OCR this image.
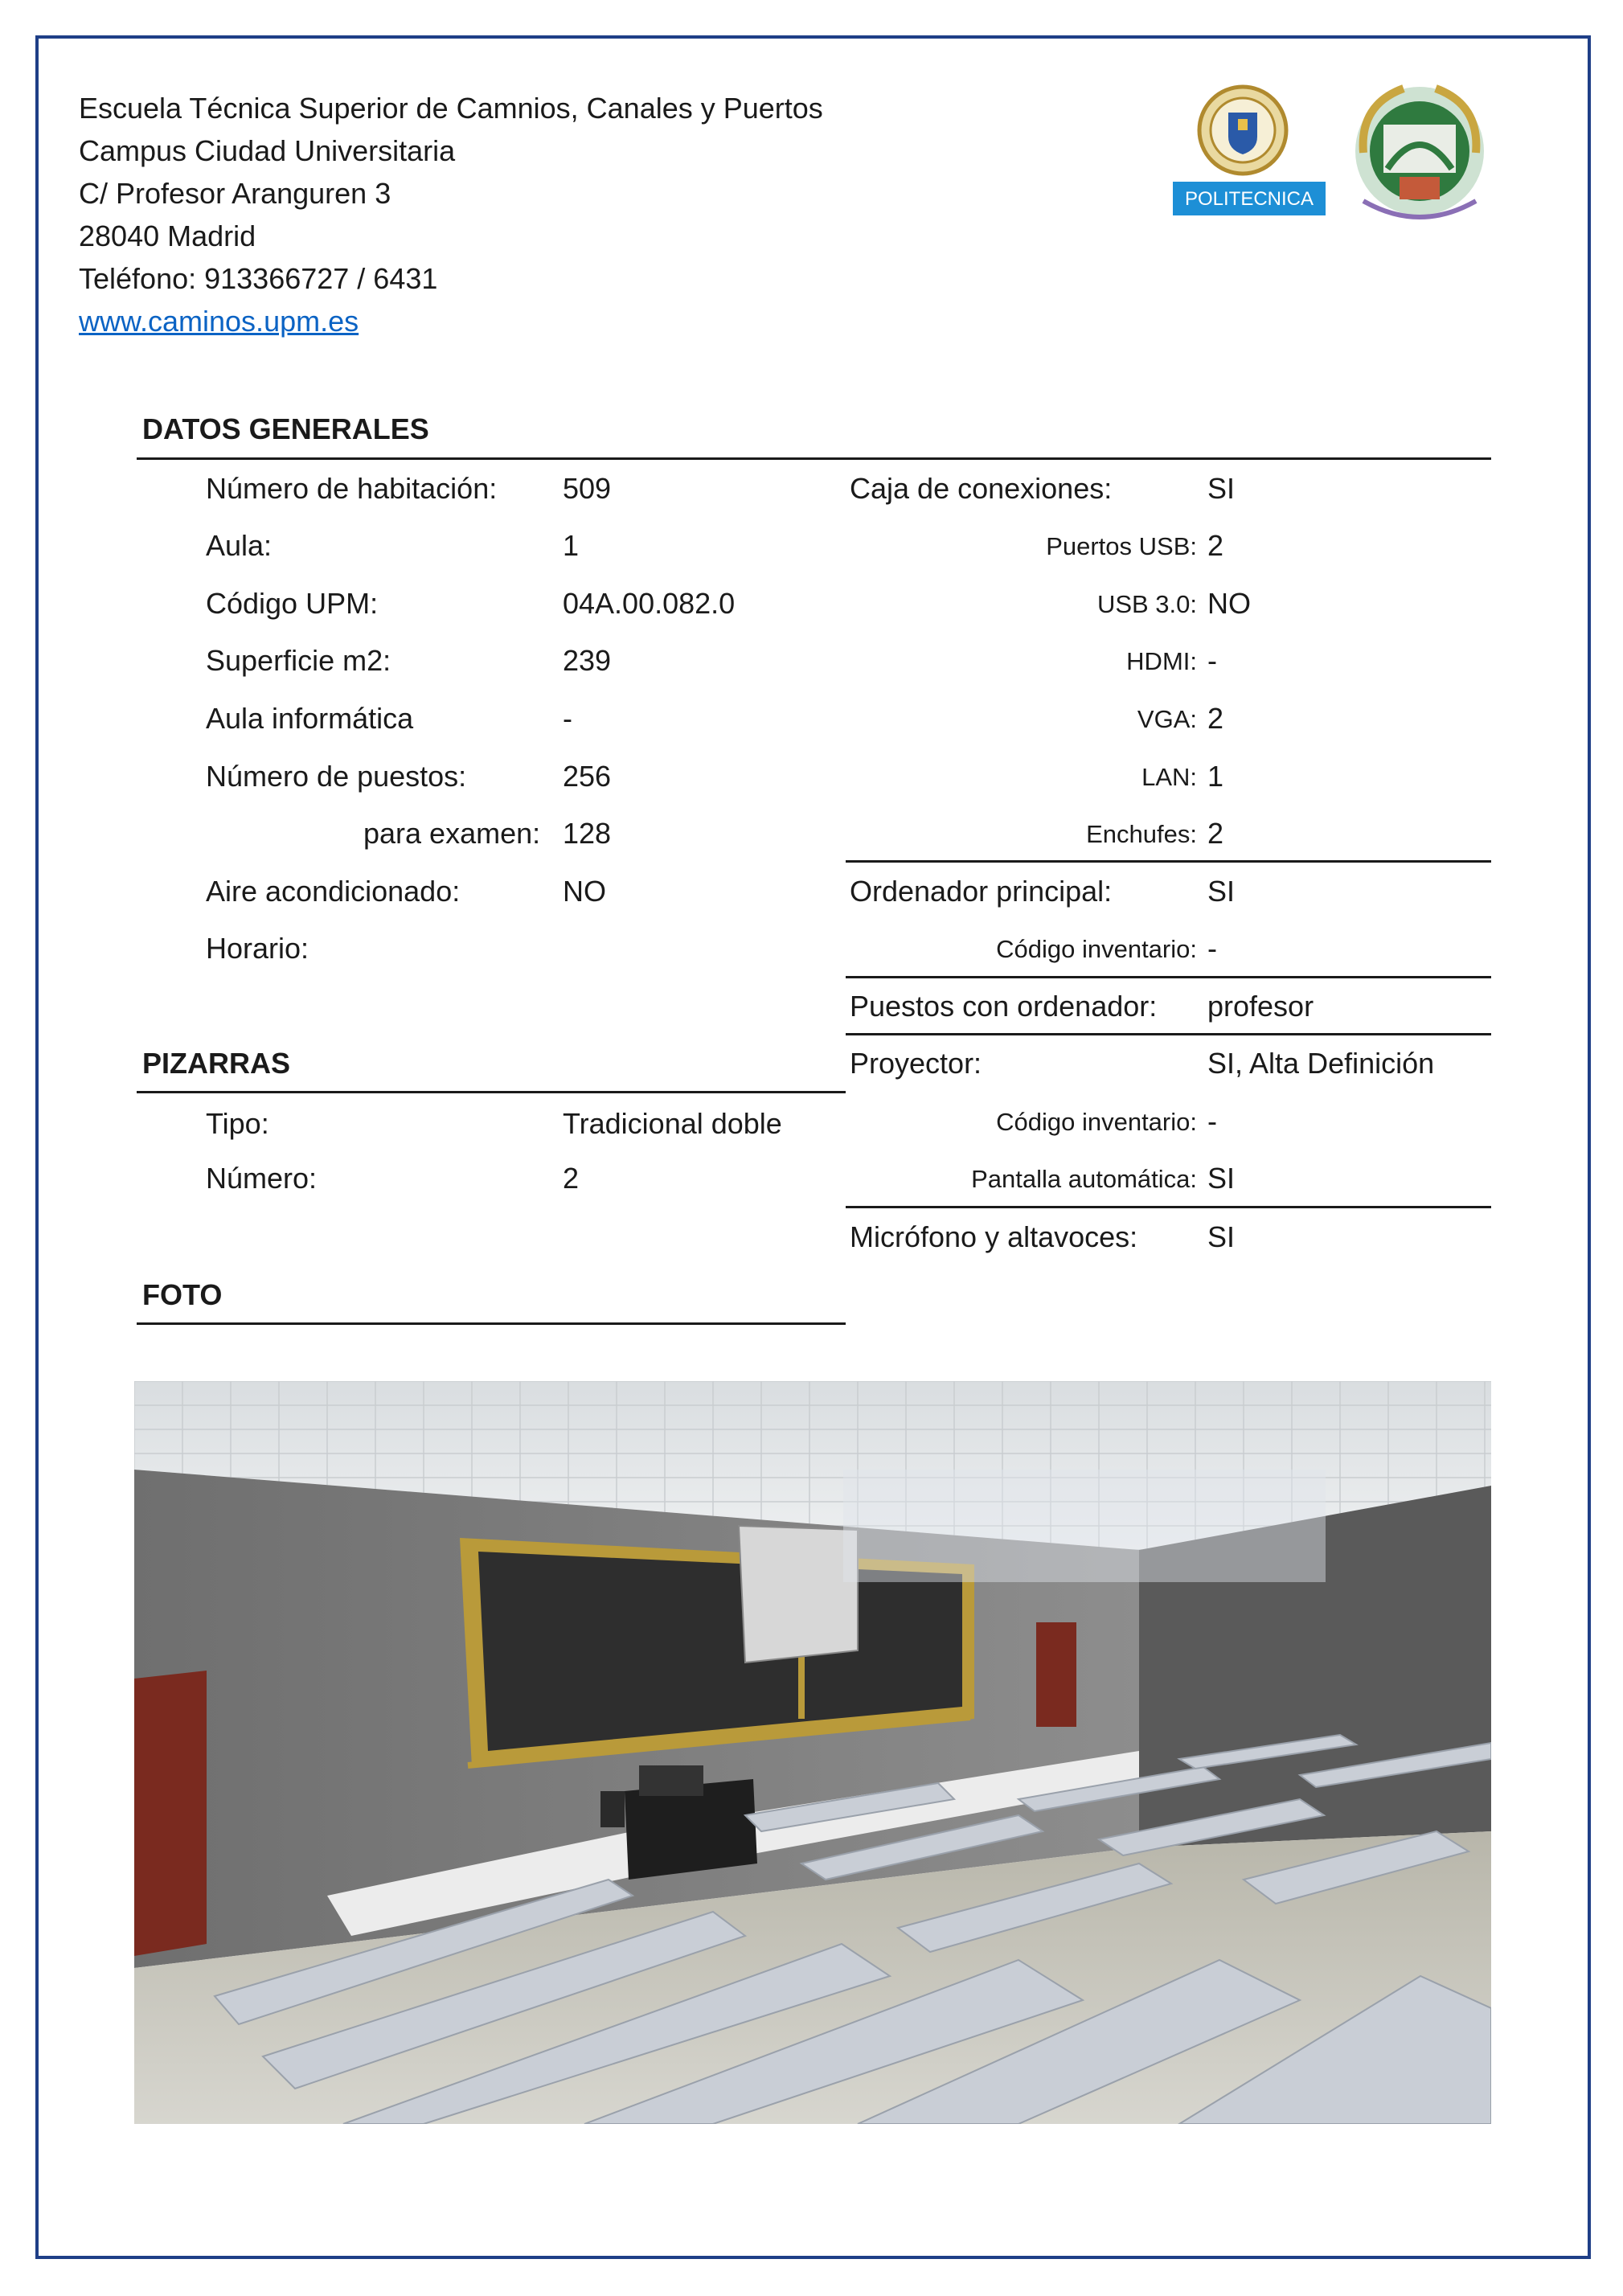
Escuela Técnica Superior de Camnios, Canales y Puertos
Campus Ciudad Universitaria
C/ Profesor Aranguren 3
28040 Madrid
Teléfono: 913366727 / 6431
www.caminos.upm.es
POLITECNICA
DATOS GENERALES
Número de habitación: 509
Aula:	1
Código UPM:	04A.00.082.0
Superficie m2:	239
Aula informática	-
Número de puestos:	256
para examen: 128
Aire acondicionado:	NO
Horario:
Caja de conexiones:	SI
Puertos USB: 2
USB 3.0: NO
HDMI: -
VGA: 2
LAN: 1
Enchufes: 2
Ordenador principal:	SI
Código inventario: -
Puestos con ordenador: profesor
Proyector:	SI, Alta Definición
Código inventario: -
Pantalla automática: SI
Micrófono y altavoces: SI
PIZARRAS
Tipo:	Tradicional doble
Número:	2
FOTO
